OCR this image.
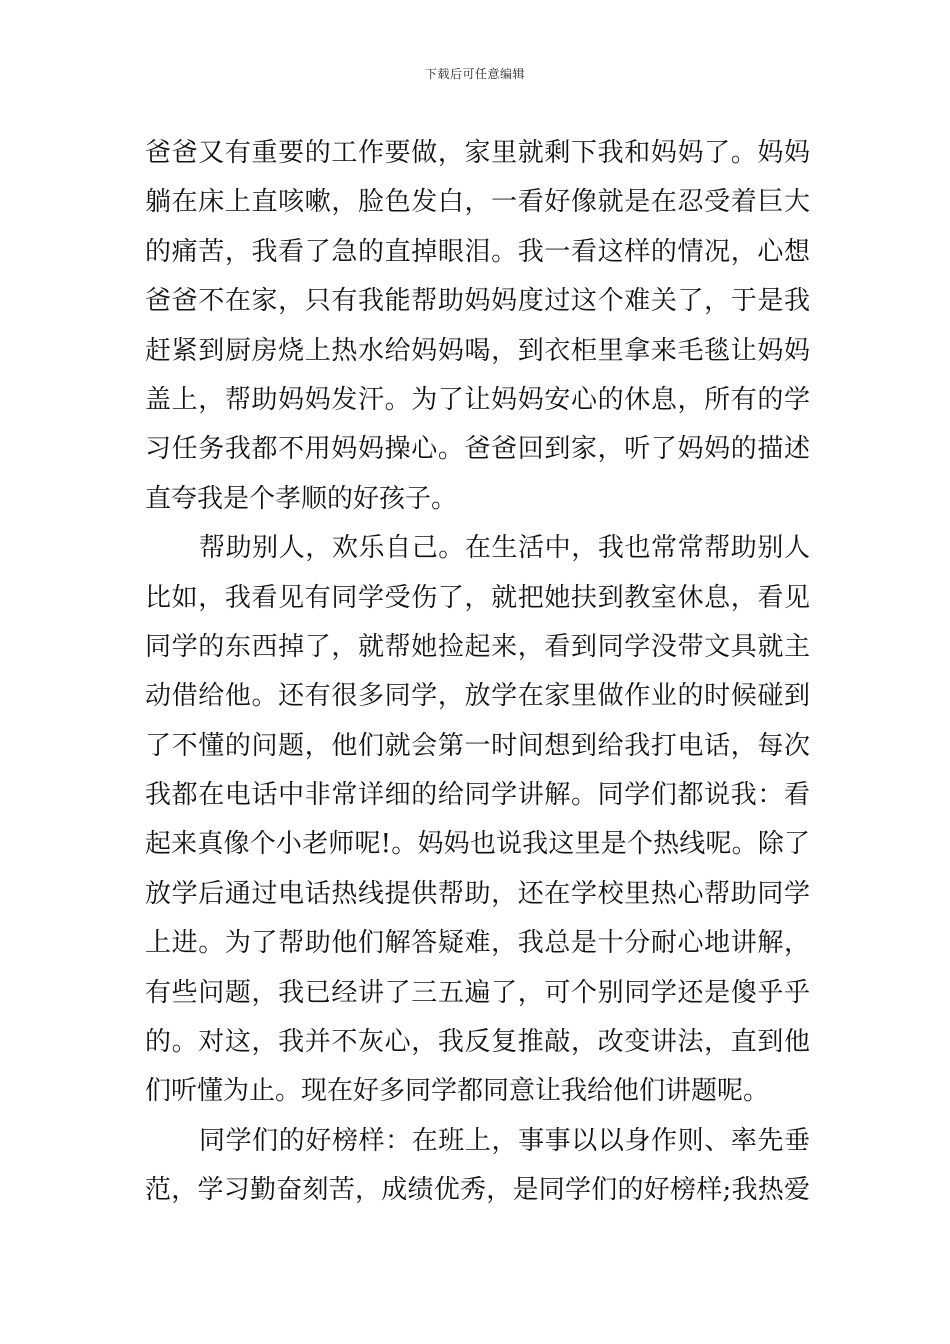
下载后可任意编辑
爸爸又有重要的工作要做，家里就剩下我和妈妈了。妈妈
躺在床上直咳嗽，脸色发白，一看好像就是在忍受着巨大
的痛苦，我看了急的直掉眼泪。我一看这样的情况，心想
爸爸不在家，只有我能帮助妈妈度过这个难关了，于是我
赶紧到厨房烧上热水给妈妈喝，到衣柜里拿来毛毯让妈妈
盖上，帮助妈妈发汗。为了让妈妈安心的休息，所有的学
习任务我都不用妈妈操心。爸爸回到家，听了妈妈的描述
直夸我是个孝顺的好孩子。
帮助别人，欢乐自己。在生活中，我也常常帮助别人
比如，我看见有同学受伤了，就把她扶到教室休息，看见
同学的东西掉了，就帮她捡起来，看到同学没带文具就主
动借给他。还有很多同学，放学在家里做作业的时候碰到
了不懂的问题，他们就会第一时间想到给我打电话，每次
我都在电话中非常详细的给同学讲解。同学们都说我：看
起来真像个小老师呢!。妈妈也说我这里是个热线呢。除了
放学后通过电话热线提供帮助，还在学校里热心帮助同学
上进。为了帮助他们解答疑难，我总是十分耐心地讲解，
有些问题，我已经讲了三五遍了，可个别同学还是傻乎乎
的。对这，我并不灰心，我反复推敲，改变讲法，直到他
们听懂为止。现在好多同学都同意让我给他们讲题呢。
同学们的好榜样：在班上，事事以以身作则、率先垂
范，学习勤奋刻苦，成绩优秀，是同学们的好榜样;我热爱
